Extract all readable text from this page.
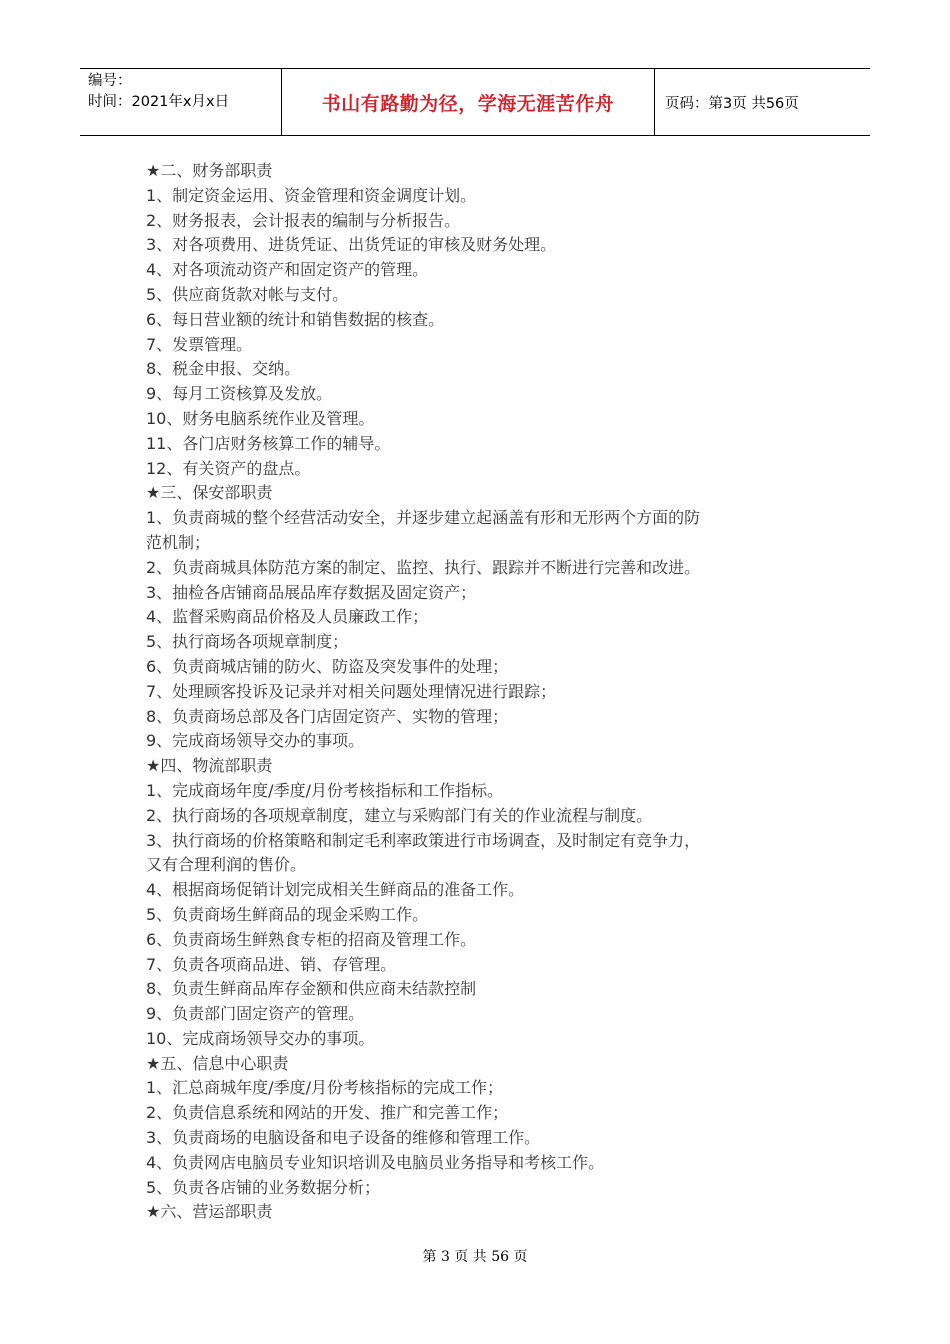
编号：
时间：2021年x月x日	书山有路勤为径，学海无涯苦作舟	页码：第3页 共56页
★二、财务部职责
1、制定资金运用、资金管理和资金调度计划。
2、财务报表，会计报表的编制与分析报告。
3、对各项费用、进货凭证、出货凭证的审核及财务处理。
4、对各项流动资产和固定资产的管理。
5、供应商货款对帐与支付。
6、每日营业额的统计和销售数据的核查。
7、发票管理。
8、税金申报、交纳。
9、每月工资核算及发放。
10、财务电脑系统作业及管理。
11、各门店财务核算工作的辅导。
12、有关资产的盘点。
★三、保安部职责
1、负责商城的整个经营活动安全，并逐步建立起涵盖有形和无形两个方面的防
范机制；
2、负责商城具体防范方案的制定、监控、执行、跟踪并不断进行完善和改进。
3、抽检各店铺商品展品库存数据及固定资产；
4、监督采购商品价格及人员廉政工作；
5、执行商场各项规章制度；
6、负责商城店铺的防火、防盗及突发事件的处理；
7、处理顾客投诉及记录并对相关问题处理情况进行跟踪；
8、负责商场总部及各门店固定资产、实物的管理；
9、完成商场领导交办的事项。
★四、物流部职责
1、完成商场年度/季度/月份考核指标和工作指标。
2、执行商场的各项规章制度，建立与采购部门有关的作业流程与制度。
3、执行商场的价格策略和制定毛利率政策进行市场调查，及时制定有竞争力，
又有合理利润的售价。
4、根据商场促销计划完成相关生鲜商品的准备工作。
5、负责商场生鲜商品的现金采购工作。
6、负责商场生鲜熟食专柜的招商及管理工作。
7、负责各项商品进、销、存管理。
8、负责生鲜商品库存金额和供应商未结款控制
9、负责部门固定资产的管理。
10、完成商场领导交办的事项。
★五、信息中心职责
1、汇总商城年度/季度/月份考核指标的完成工作；
2、负责信息系统和网站的开发、推广和完善工作；
3、负责商场的电脑设备和电子设备的维修和管理工作。
4、负责网店电脑员专业知识培训及电脑员业务指导和考核工作。
5、负责各店铺的业务数据分析；
★六、营运部职责
第 3 页 共 56 页
